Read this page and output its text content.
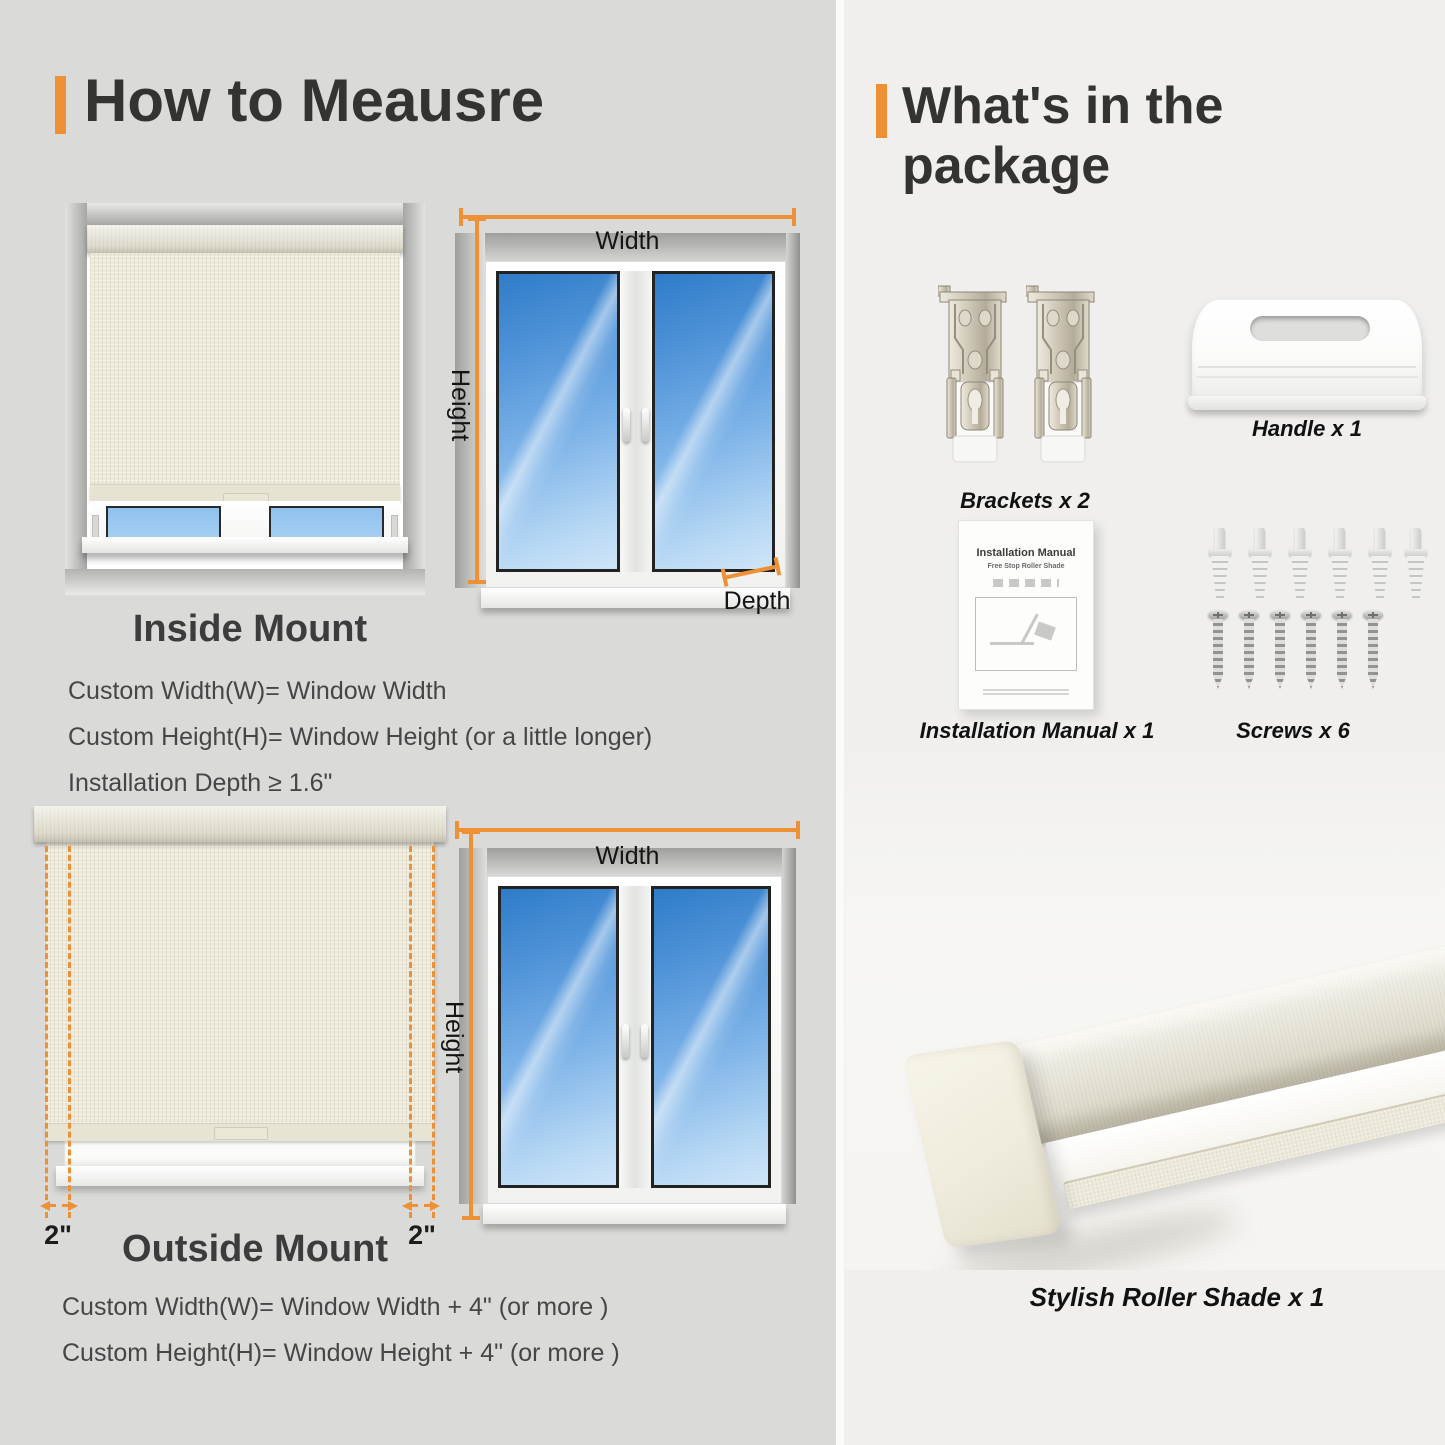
How to Meausre
Width
Height
Depth
Inside Mount
Custom Width(W)= Window Width
Custom Height(H)= Window Height (or a little longer)
Installation Depth ≥ 1.6"
2"	2"
Width
Height
Outside Mount
Custom Width(W)= Window Width + 4" (or more )
Custom Height(H)= Window Height + 4" (or more )
What's in the package
Brackets x 2
Handle x 1
Installation Manual
Free Stop Roller Shade
Installation Manual x 1	Screws x 6
Stylish Roller Shade x 1
